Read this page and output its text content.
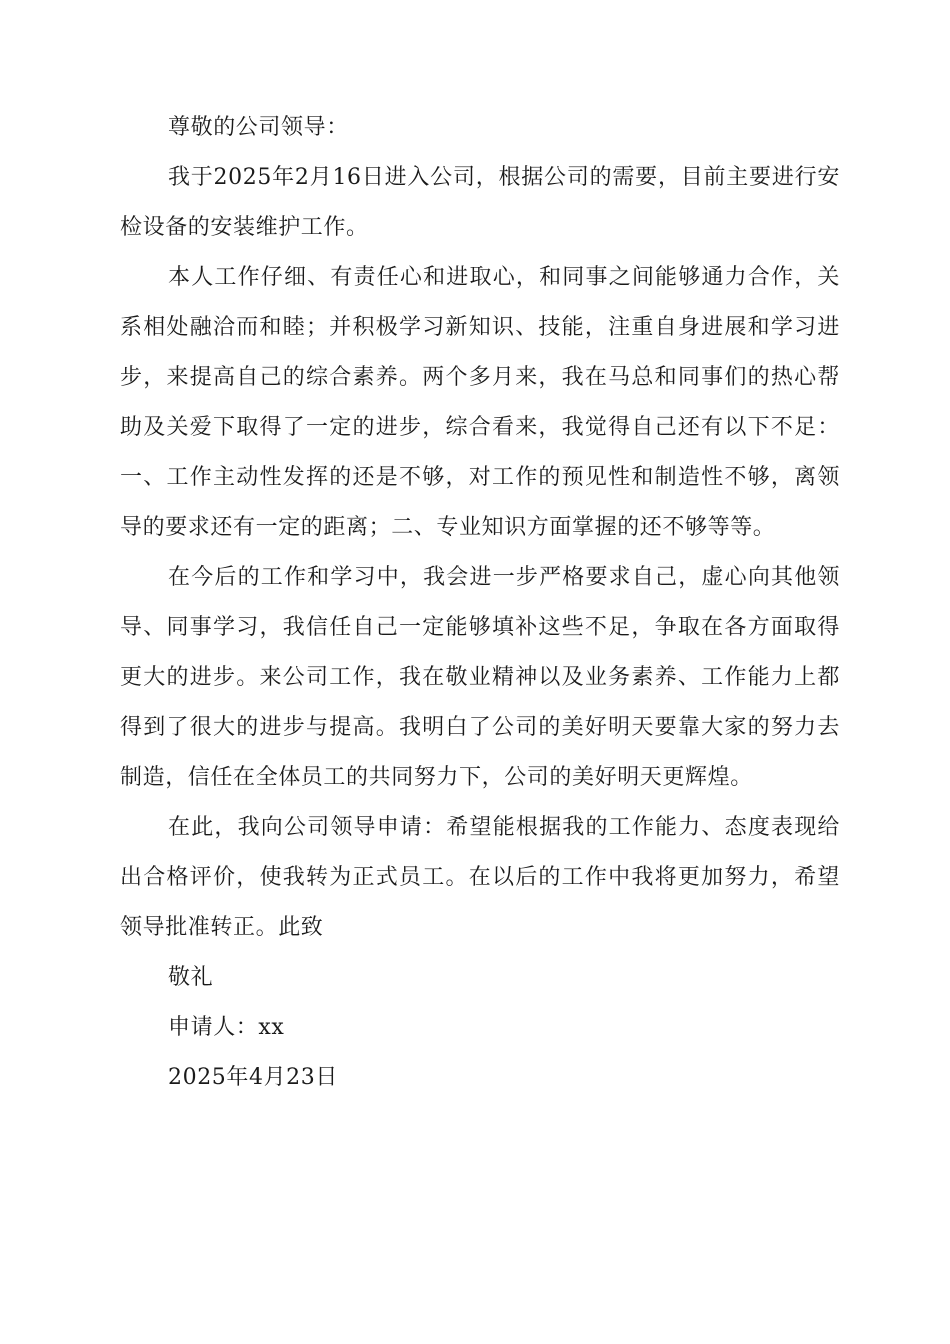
尊敬的公司领导：

我于2025年2月16日进入公司，根据公司的需要，目前主要进行安检设备的安装维护工作。

本人工作仔细、有责任心和进取心，和同事之间能够通力合作，关系相处融洽而和睦；并积极学习新知识、技能，注重自身进展和学习进步，来提高自己的综合素养。两个多月来，我在马总和同事们的热心帮助及关爱下取得了一定的进步，综合看来，我觉得自己还有以下不足：一、工作主动性发挥的还是不够，对工作的预见性和制造性不够，离领导的要求还有一定的距离；二、专业知识方面掌握的还不够等等。

在今后的工作和学习中，我会进一步严格要求自己，虚心向其他领导、同事学习，我信任自己一定能够填补这些不足，争取在各方面取得更大的进步。来公司工作，我在敬业精神以及业务素养、工作能力上都得到了很大的进步与提高。我明白了公司的美好明天要靠大家的努力去制造，信任在全体员工的共同努力下，公司的美好明天更辉煌。

在此，我向公司领导申请：希望能根据我的工作能力、态度表现给出合格评价，使我转为正式员工。在以后的工作中我将更加努力，希望领导批准转正。此致

敬礼
申请人：xx
2025年4月23日
